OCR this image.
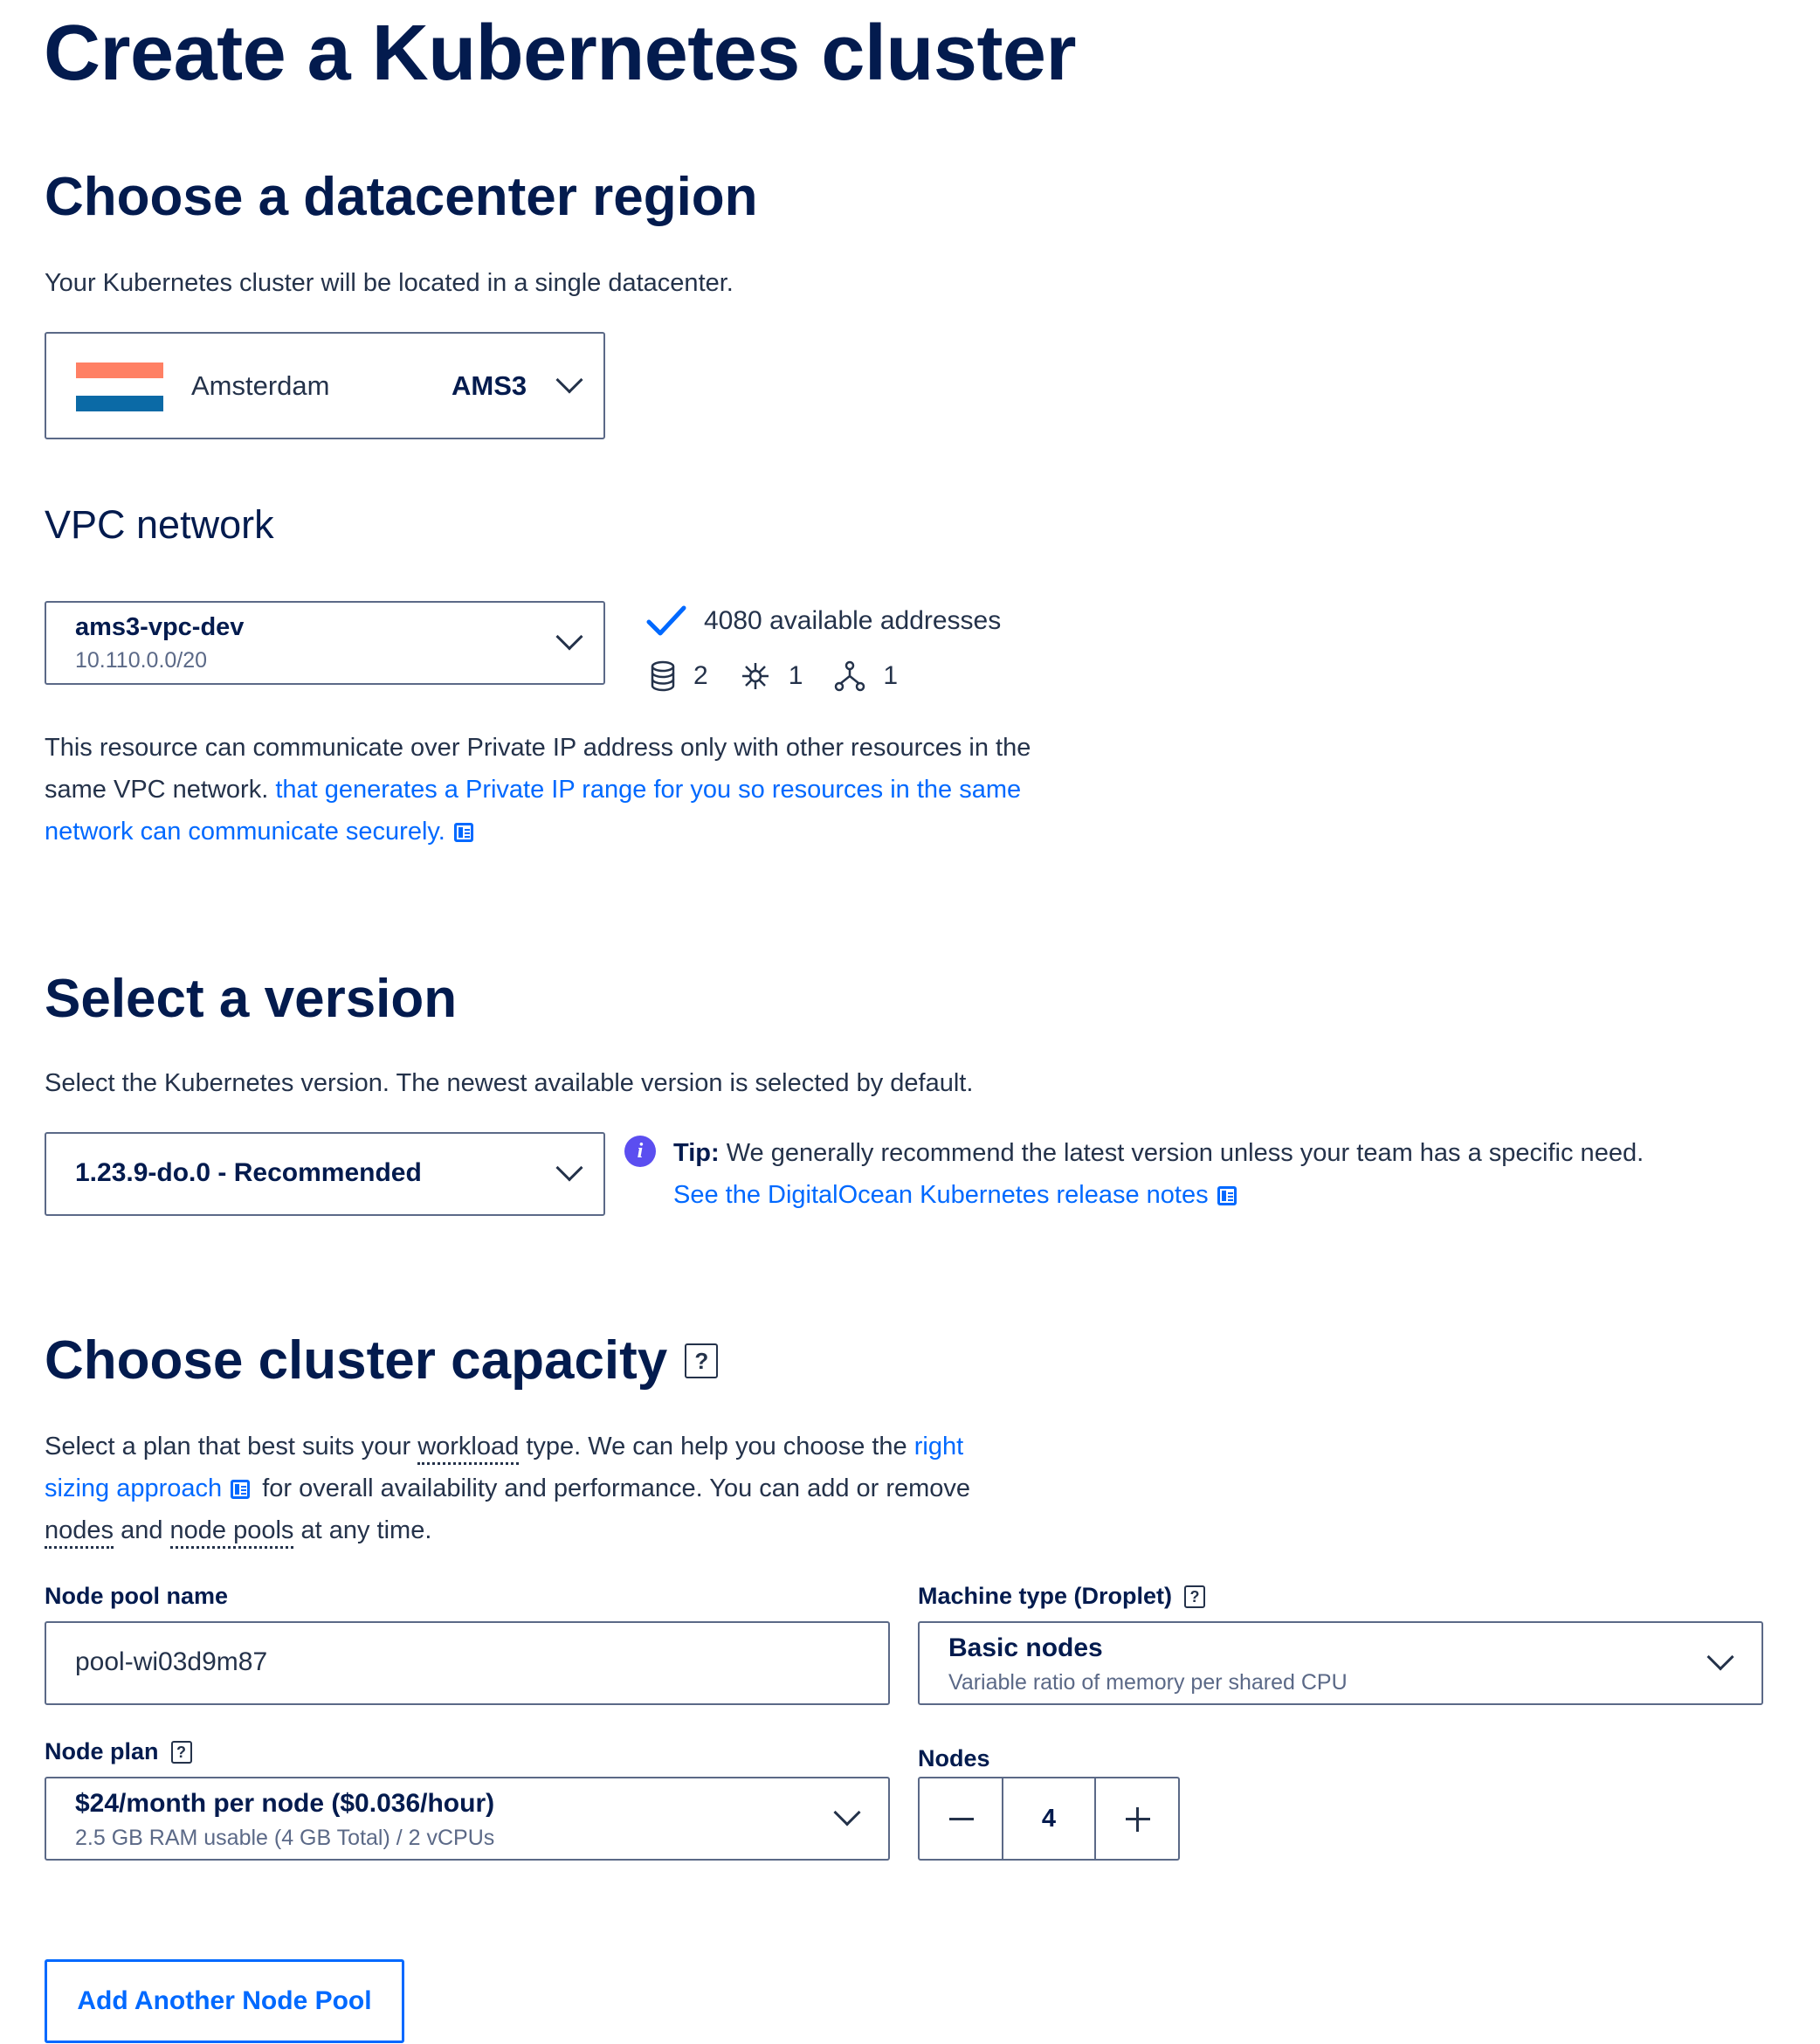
Create a Kubernetes cluster
Choose a datacenter region
Your Kubernetes cluster will be located in a single datacenter.
Amsterdam	AMS3
VPC network
ams3-vpc-dev
10.110.0.0/20
4080 available addresses
2	1	1
This resource can communicate over Private IP address only with other resources in the same VPC network. that generates a Private IP range for you so resources in the same network can communicate securely.
Select a version
Select the Kubernetes version. The newest available version is selected by default.
1.23.9-do.0 - Recommended
i	Tip: We generally recommend the latest version unless your team has a specific need.
See the DigitalOcean Kubernetes release notes
Choose cluster capacity	?
Select a plan that best suits your workload type. We can help you choose the right
sizing approach for overall availability and performance. You can add or remove
nodes and node pools at any time.
Node pool name
pool-wi03d9m87
Machine type (Droplet)	?
Basic nodes
Variable ratio of memory per shared CPU
Node plan	?
$24/month per node ($0.036/hour)
2.5 GB RAM usable (4 GB Total) / 2 vCPUs
Nodes
4
Add Another Node Pool
